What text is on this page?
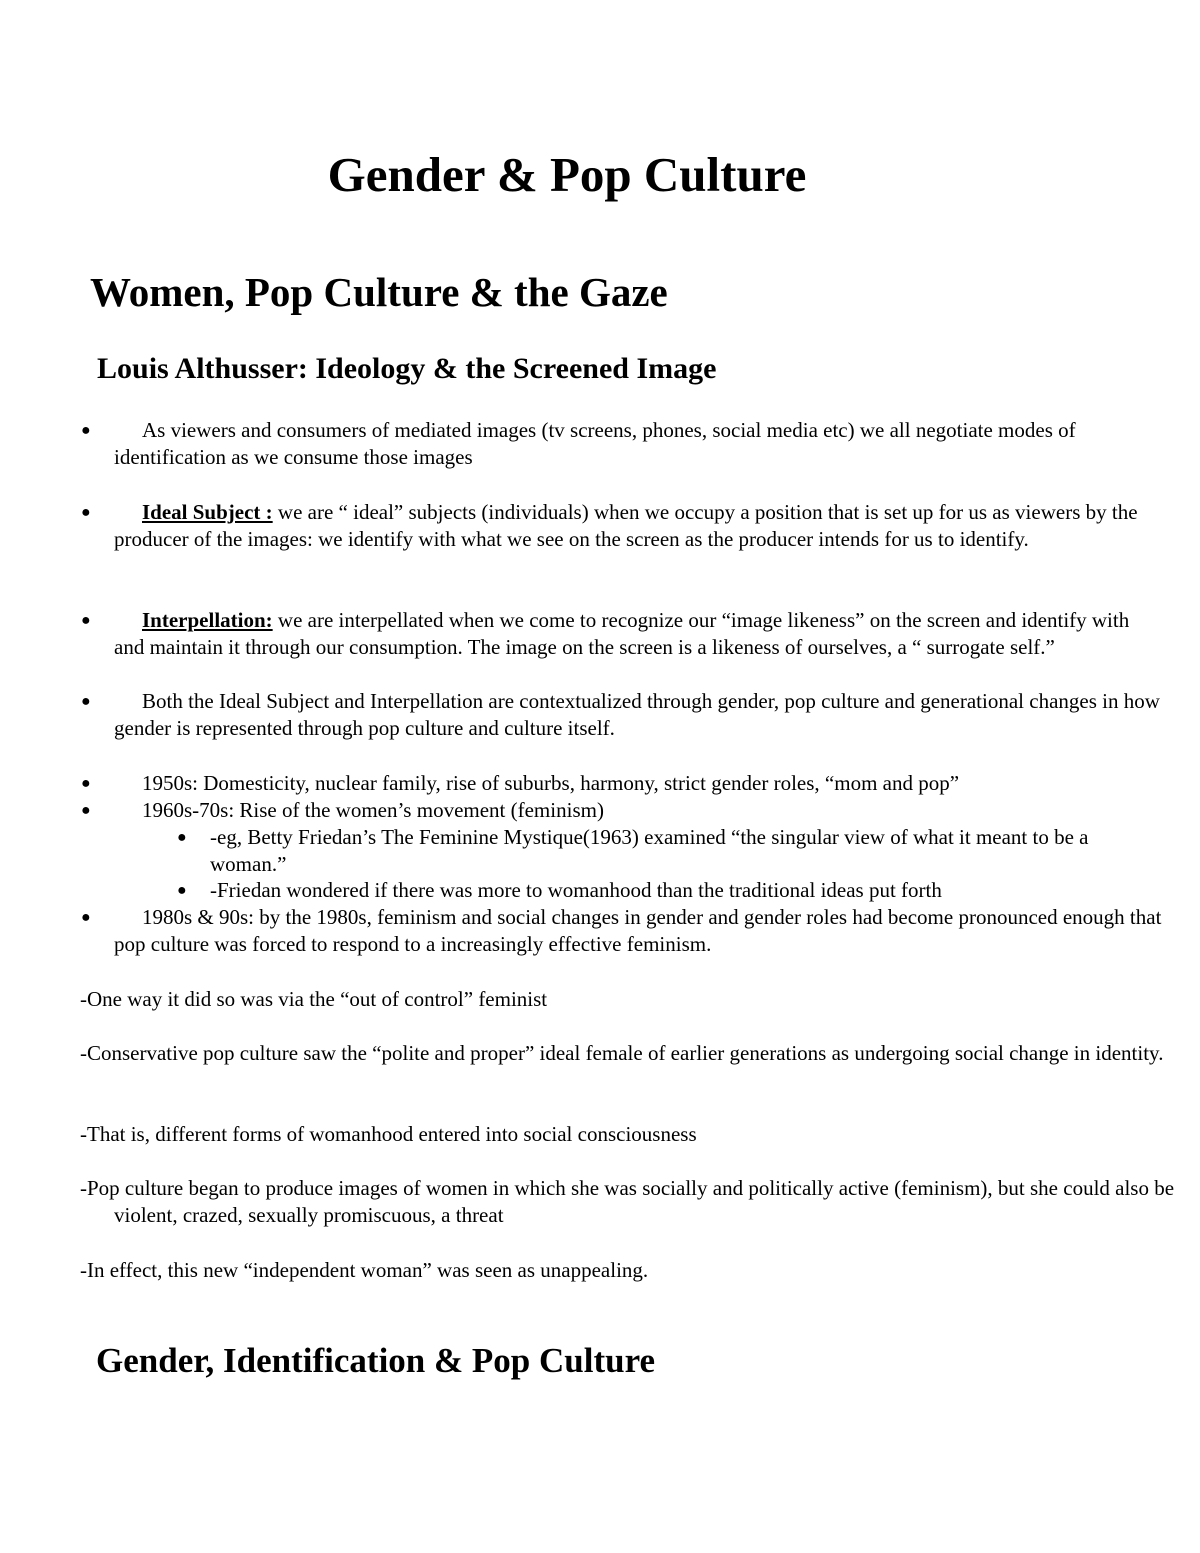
Gender & Pop Culture
Women, Pop Culture & the Gaze
Louis Althusser: Ideology & the Screened Image

● As viewers and consumers of mediated images (tv screens, phones, social media etc) we all negotiate modes of identification as we consume those images

● Ideal Subject : we are “ ideal” subjects (individuals) when we occupy a position that is set up for us as viewers by the producer of the images: we identify with what we see on the screen as the producer intends for us to identify.

● Interpellation: we are interpellated when we come to recognize our “image likeness” on the screen and identify with and maintain it through our consumption. The image on the screen is a likeness of ourselves, a “ surrogate self.”

● Both the Ideal Subject and Interpellation are contextualized through gender, pop culture and generational changes in how gender is represented through pop culture and culture itself.

● 1950s: Domesticity, nuclear family, rise of suburbs, harmony, strict gender roles, “mom and pop”

● 1960s-70s: Rise of the women’s movement (feminism)

● -eg, Betty Friedan’s The Feminine Mystique(1963) examined “the singular view of what it meant to be a woman.”

● -Friedan wondered if there was more to womanhood than the traditional ideas put forth

● 1980s & 90s: by the 1980s, feminism and social changes in gender and gender roles had become pronounced enough that pop culture was forced to respond to a increasingly effective feminism.

-One way it did so was via the “out of control” feminist

-Conservative pop culture saw the “polite and proper” ideal female of earlier generations as undergoing social change in identity.

-That is, different forms of womanhood entered into social consciousness

-Pop culture began to produce images of women in which she was socially and politically active (feminism), but she could also be violent, crazed, sexually promiscuous, a threat

-In effect, this new “independent woman” was seen as unappealing.

Gender, Identification & Pop Culture
